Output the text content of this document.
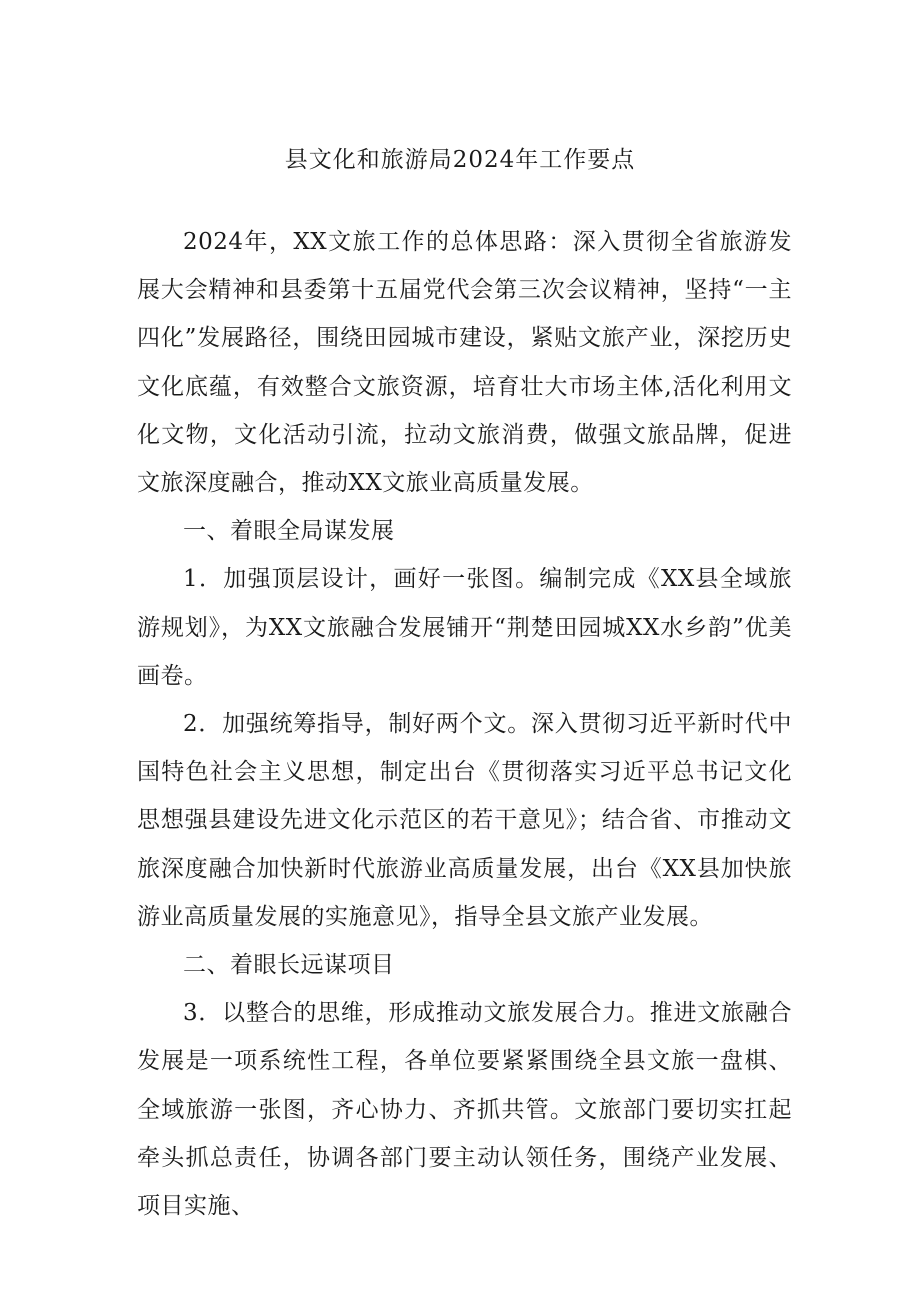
县文化和旅游局2024年工作要点

2024年，XX文旅工作的总体思路：深入贯彻全省旅游发展大会精神和县委第十五届党代会第三次会议精神，坚持“一主四化”发展路径，围绕田园城市建设，紧贴文旅产业，深挖历史文化底蕴，有效整合文旅资源，培育壮大市场主体,活化利用文化文物，文化活动引流，拉动文旅消费，做强文旅品牌，促进文旅深度融合，推动XX文旅业高质量发展。

一、着眼全局谋发展

1．加强顶层设计，画好一张图。编制完成《XX县全域旅游规划》，为XX文旅融合发展铺开“荆楚田园城XX水乡韵”优美画卷。

2．加强统筹指导，制好两个文。深入贯彻习近平新时代中国特色社会主义思想，制定出台《贯彻落实习近平总书记文化思想强县建设先进文化示范区的若干意见》；结合省、市推动文旅深度融合加快新时代旅游业高质量发展，出台《XX县加快旅游业高质量发展的实施意见》，指导全县文旅产业发展。

二、着眼长远谋项目

3．以整合的思维，形成推动文旅发展合力。推进文旅融合发展是一项系统性工程，各单位要紧紧围绕全县文旅一盘棋、全域旅游一张图，齐心协力、齐抓共管。文旅部门要切实扛起牵头抓总责任，协调各部门要主动认领任务，围绕产业发展、项目实施、
